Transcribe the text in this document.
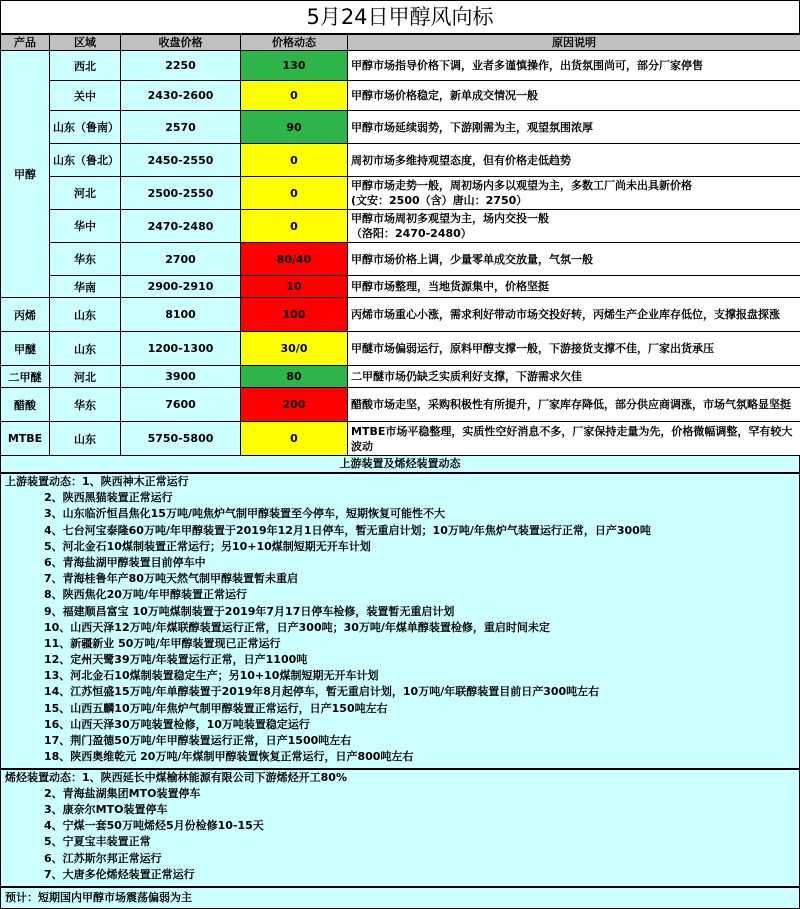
5月24日甲醇风向标
产品	区域	收盘价格	价格动态	原因说明
甲醇	西北	2250	130	甲醇市场指导价格下调，业者多谨慎操作，出货氛围尚可，部分厂家停售
	关中	2430-2600	0	甲醇市场价格稳定，新单成交情况一般
	山东（鲁南）	2570	90	甲醇市场延续弱势，下游刚需为主，观望氛围浓厚
	山东（鲁北）	2450-2550	0	周初市场多维持观望态度，但有价格走低趋势
	河北	2500-2550	0	甲醇市场走势一般，周初场内多以观望为主，多数工厂尚未出具新价格
(文安：2500（含）唐山：2750）

	华中	2470-2480	0	甲醇市场周初多观望为主，场内交投一般
（洛阳：2470-2480）

	华东	2700	80/40	甲醇市场价格上调，少量零单成交放量，气氛一般
	华南	2900-2910	10	甲醇市场整理，当地货源集中，价格坚挺
丙烯	山东	8100	100	丙烯市场重心小涨，需求利好带动市场交投好转，丙烯生产企业库存低位，支撑报盘探涨
甲醚	山东	1200-1300	30/0	甲醚市场偏弱运行，原料甲醇支撑一般，下游接货支撑不佳，厂家出货承压
二甲醚	河北	3900	80	二甲醚市场仍缺乏实质利好支撑，下游需求欠佳
醋酸	华东	7600	200	醋酸市场走坚，采购积极性有所提升，厂家库存降低，部分供应商调涨，市场气氛略显坚挺
MTBE	山东	5750-5800	0	MTBE市场平稳整理，实质性空好消息不多，厂家保持走量为先，价格微幅调整，罕有较大波动
上游装置及烯烃装置动态
上游装置动态：1、陕西神木正常运行
2、陕西黑猫装置正常运行
3、山东临沂恒昌焦化15万吨/吨焦炉气制甲醇装置至今停车，短期恢复可能性不大
4、七台河宝泰隆60万吨/年甲醇装置于2019年12月1日停车，暂无重启计划；10万吨/年焦炉气装置运行正常，日产300吨
5、河北金石10煤制装置正常运行；另10+10煤制短期无开车计划
6、青海盐湖甲醇装置目前停车中
7、青海桂鲁年产80万吨天然气制甲醇装置暂未重启
8、陕西焦化20万吨/年甲醇装置正常运行
9、福建顺昌富宝 10万吨煤制装置于2019年7月17日停车检修，装置暂无重启计划
10、山西天泽12万吨/年煤联醇装置运行正常，日产300吨；30万吨/年煤单醇装置检修，重启时间未定
11、新疆新业 50万吨/年甲醇装置现已正常运行
12、定州天鹭39万吨/年装置运行正常，日产1100吨
13、河北金石10煤制装置稳定生产；另10+10煤制短期无开车计划
14、江苏恒盛15万吨/年单醇装置于2019年8月起停车，暂无重启计划，10万吨/年联醇装置目前日产300吨左右
15、山西五麟10万吨/年焦炉气制甲醇装置正常运行，日产150吨左右
16、山西天泽30万吨装置检修，10万吨装置稳定运行
17、荆门盈德50万吨/年甲醇装置运行正常，日产1500吨左右
18、陕西奥维乾元 20万吨/年煤制甲醇装置恢复正常运行，日产800吨左右
烯烃装置动态：1、陕西延长中煤榆林能源有限公司下游烯烃开工80%
2、青海盐湖集团MTO装置停车
3、康奈尔MTO装置停车
4、宁煤一套50万吨烯烃5月份检修10-15天
5、宁夏宝丰装置正常
6、江苏斯尔邦正常运行
7、大唐多伦烯烃装置正常运行
预计：短期国内甲醇市场震荡偏弱为主
